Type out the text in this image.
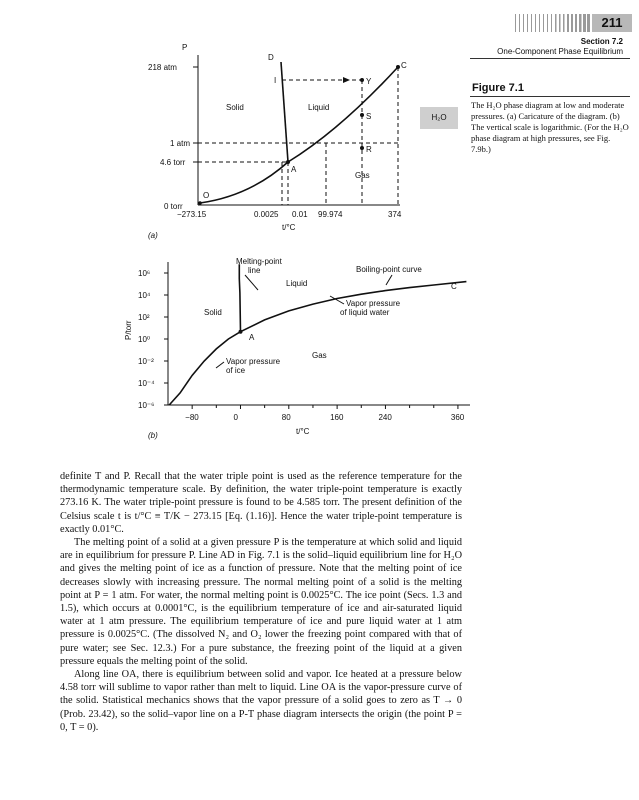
211
Section 7.2
One-Component Phase Equilibrium
Figure 7.1
The H₂O phase diagram at low and moderate pressures. (a) Caricature of the diagram. (b) The vertical scale is logarithmic. (For the H₂O phase diagram at high pressures, see Fig. 7.9b.)
H₂O
P
218 atm
1 atm
4.6 torr
0 torr
−273.15	0.0025 0.01 99.974	374
t/°C
(a)
Solid	Liquid
Gas
D
C
Y
S
R
A
O
I
10⁶
10⁴
10²
10⁰
10⁻²
10⁻⁴
10⁻⁶
−80	0	80	160	240	360
Melting-point
line	Boiling-point curve
Vapor pressure
of liquid water
Vapor pressure
of ice
Liquid
Solid
Gas
A
C
P/torr
t/°C
(b)

definite T and P. Recall that the water triple point is used as the reference temperature for the thermodynamic temperature scale. By definition, the water triple-point temperature is exactly 273.16 K. The water triple-point pressure is found to be 4.585 torr. The present definition of the Celsius scale t is t/°C ≡ T/K − 273.15 [Eq. (1.16)]. Hence the water triple-point temperature is exactly 0.01°C.

The melting point of a solid at a given pressure P is the temperature at which solid and liquid are in equilibrium for pressure P. Line AD in Fig. 7.1 is the solid–liquid equilibrium line for H₂O and gives the melting point of ice as a function of pressure. Note that the melting point of ice decreases slowly with increasing pressure. The normal melting point of a solid is the melting point at P = 1 atm. For water, the normal melting point is 0.0025°C. The ice point (Secs. 1.3 and 1.5), which occurs at 0.0001°C, is the equilibrium temperature of ice and air-saturated liquid water at 1 atm pressure. The equilibrium temperature of ice and pure liquid water at 1 atm pressure is 0.0025°C. (The dissolved N₂ and O₂ lower the freezing point compared with that of pure water; see Sec. 12.3.) For a pure substance, the freezing point of the liquid at a given pressure equals the melting point of the solid.

Along line OA, there is equilibrium between solid and vapor. Ice heated at a pressure below 4.58 torr will sublime to vapor rather than melt to liquid. Line OA is the vapor-pressure curve of the solid. Statistical mechanics shows that the vapor pressure of a solid goes to zero as T → 0 (Prob. 23.42), so the solid–vapor line on a P-T phase diagram intersects the origin (the point P = 0, T = 0).
